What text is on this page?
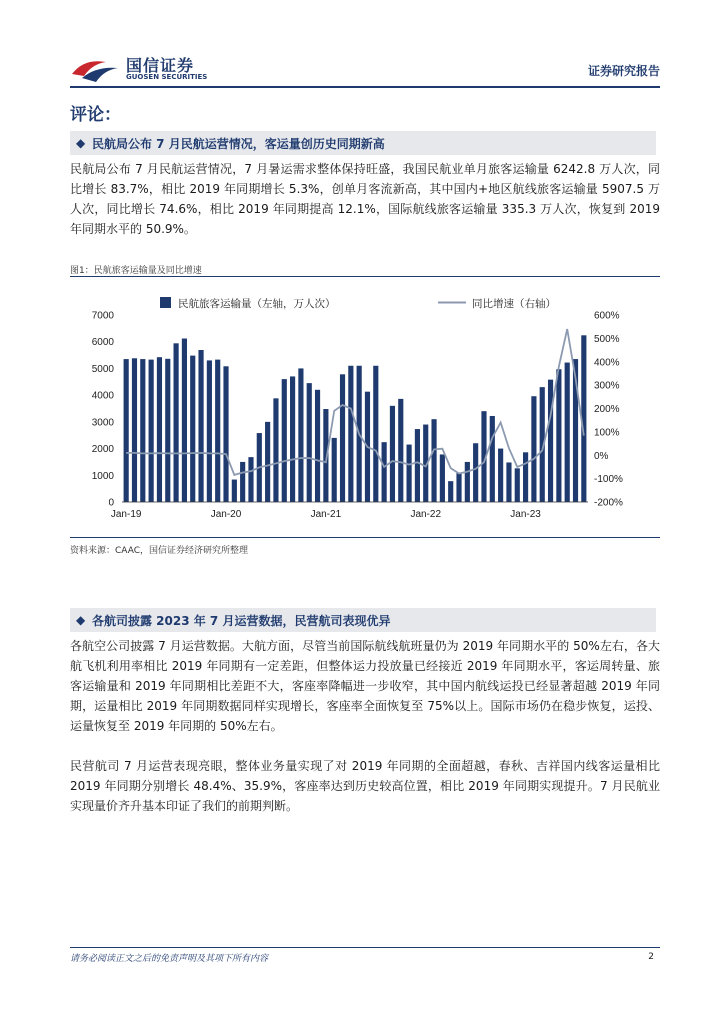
国信证券
GUOSEN SECURITIES	证券研究报告
评论：
◆ 民航局公布 7 月民航运营情况，客运量创历史同期新高
民航局公布 7 月民航运营情况，7 月暑运需求整体保持旺盛，我国民航业单月旅客运输量 6242.8 万人次，同比增长 83.7%，相比 2019 年同期增长 5.3%，创单月客流新高，其中国内+地区航线旅客运输量 5907.5 万人次，同比增长 74.6%，相比 2019 年同期提高 12.1%，国际航线旅客运输量 335.3 万人次，恢复到 2019 年同期水平的 50.9%。
图1：民航旅客运输量及同比增速
0
1000
2000
3000
4000
5000
6000
7000
-200%
-100%
0%
100%
200%
300%
400%
500%
600%
Jan-19	Jan-20	Jan-21	Jan-22	Jan-23
民航旅客运输量（左轴，万人次）	同比增速（右轴）
资料来源：CAAC，国信证券经济研究所整理
◆ 各航司披露 2023 年 7 月运营数据，民营航司表现优异
各航空公司披露 7 月运营数据。大航方面，尽管当前国际航线航班量仍为 2019 年同期水平的 50%左右，各大航飞机利用率相比 2019 年同期有一定差距，但整体运力投放量已经接近 2019 年同期水平，客运周转量、旅客运输量和 2019 年同期相比差距不大，客座率降幅进一步收窄，其中国内航线运投已经显著超越 2019 年同期，运量相比 2019 年同期数据同样实现增长，客座率全面恢复至 75%以上。国际市场仍在稳步恢复，运投、运量恢复至 2019 年同期的 50%左右。
民营航司 7 月运营表现亮眼，整体业务量实现了对 2019 年同期的全面超越，春秋、吉祥国内线客运量相比 2019 年同期分别增长 48.4%、35.9%，客座率达到历史较高位置，相比 2019 年同期实现提升。7 月民航业实现量价齐升基本印证了我们的前期判断。
请务必阅读正文之后的免责声明及其项下所有内容	2
